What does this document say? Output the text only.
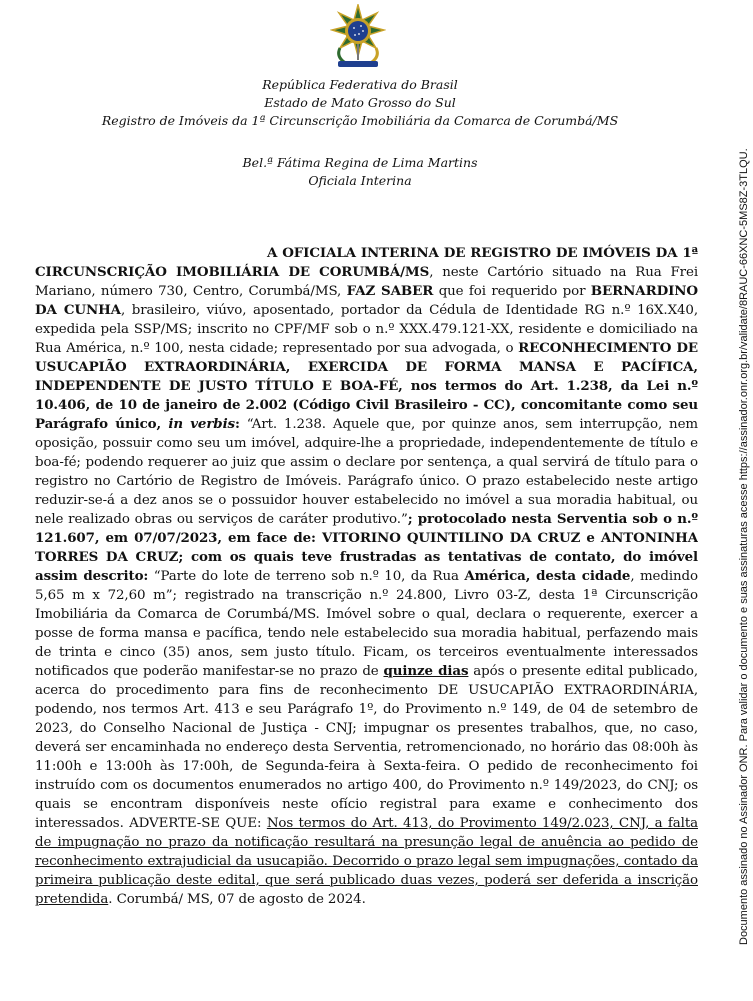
República Federativa do Brasil
Estado de Mato Grosso do Sul
Registro de Imóveis da 1ª Circunscrição Imobiliária da Comarca de Corumbá/MS
Bel.ª Fátima Regina de Lima Martins
Oficiala Interina	Documento assinado no Assinador ONR. Para validar o documento e suas assinaturas acesse https://assinador.onr.org.br/validate/8RAUC-66XNC-5MS8Z-3TLQU.

A OFICIALA INTERINA DE REGISTRO DE IMÓVEIS DA 1ª CIRCUNSCRIÇÃO IMOBILIÁRIA DE CORUMBÁ/MS, neste Cartório situado na Rua Frei Mariano, número 730, Centro, Corumbá/MS, FAZ SABER que foi requerido por BERNARDINO DA CUNHA, brasileiro, viúvo, aposentado, portador da Cédula de Identidade RG n.º 16X.X40, expedida pela SSP/MS; inscrito no CPF/MF sob o n.º XXX.479.121-XX, residente e domiciliado na Rua América, n.º 100, nesta cidade; representado por sua advogada, o RECONHECIMENTO DE USUCAPIÃO EXTRAORDINÁRIA, EXERCIDA DE FORMA MANSA E PACÍFICA, INDEPENDENTE DE JUSTO TÍTULO E BOA-FÉ, nos termos do Art. 1.238, da Lei n.º 10.406, de 10 de janeiro de 2.002 (Código Civil Brasileiro - CC), concomitante como seu Parágrafo único, in verbis: “Art. 1.238. Aquele que, por quinze anos, sem interrupção, nem oposição, possuir como seu um imóvel, adquire-lhe a propriedade, independentemente de título e boa-fé; podendo requerer ao juiz que assim o declare por sentença, a qual servirá de título para o registro no Cartório de Registro de Imóveis. Parágrafo único. O prazo estabelecido neste artigo reduzir-se-á a dez anos se o possuidor houver estabelecido no imóvel a sua moradia habitual, ou nele realizado obras ou serviços de caráter produtivo.”; protocolado nesta Serventia sob o n.º 121.607, em 07/07/2023, em face de: VITORINO QUINTILINO DA CRUZ e ANTONINHA TORRES DA CRUZ; com os quais teve frustradas as tentativas de contato, do imóvel assim descrito: “Parte do lote de terreno sob n.º 10, da Rua América, desta cidade, medindo 5,65 m x 72,60 m”; registrado na transcrição n.º 24.800, Livro 03-Z, desta 1ª Circunscrição Imobiliária da Comarca de Corumbá/MS. Imóvel sobre o qual, declara o requerente, exercer a posse de forma mansa e pacífica, tendo nele estabelecido sua moradia habitual, perfazendo mais de trinta e cinco (35) anos, sem justo título. Ficam, os terceiros eventualmente interessados notificados que poderão manifestar-se no prazo de quinze dias após o presente edital publicado, acerca do procedimento para fins de reconhecimento DE USUCAPIÃO EXTRAORDINÁRIA, podendo, nos termos Art. 413 e seu Parágrafo 1º, do Provimento n.º 149, de 04 de setembro de 2023, do Conselho Nacional de Justiça - CNJ; impugnar os presentes trabalhos, que, no caso, deverá ser encaminhada no endereço desta Serventia, retromencionado, no horário das 08:00h às 11:00h e 13:00h às 17:00h, de Segunda-feira à Sexta-feira. O pedido de reconhecimento foi instruído com os documentos enumerados no artigo 400, do Provimento n.º 149/2023, do CNJ; os quais se encontram disponíveis neste ofício registral para exame e conhecimento dos interessados. ADVERTE-SE QUE: Nos termos do Art. 413, do Provimento 149/2.023, CNJ, a falta de impugnação no prazo da notificação resultará na presunção legal de anuência ao pedido de reconhecimento extrajudicial da usucapião. Decorrido o prazo legal sem impugnações, contado da primeira publicação deste edital, que será publicado duas vezes, poderá ser deferida a inscrição pretendida. Corumbá/ MS, 07 de agosto de 2024.
